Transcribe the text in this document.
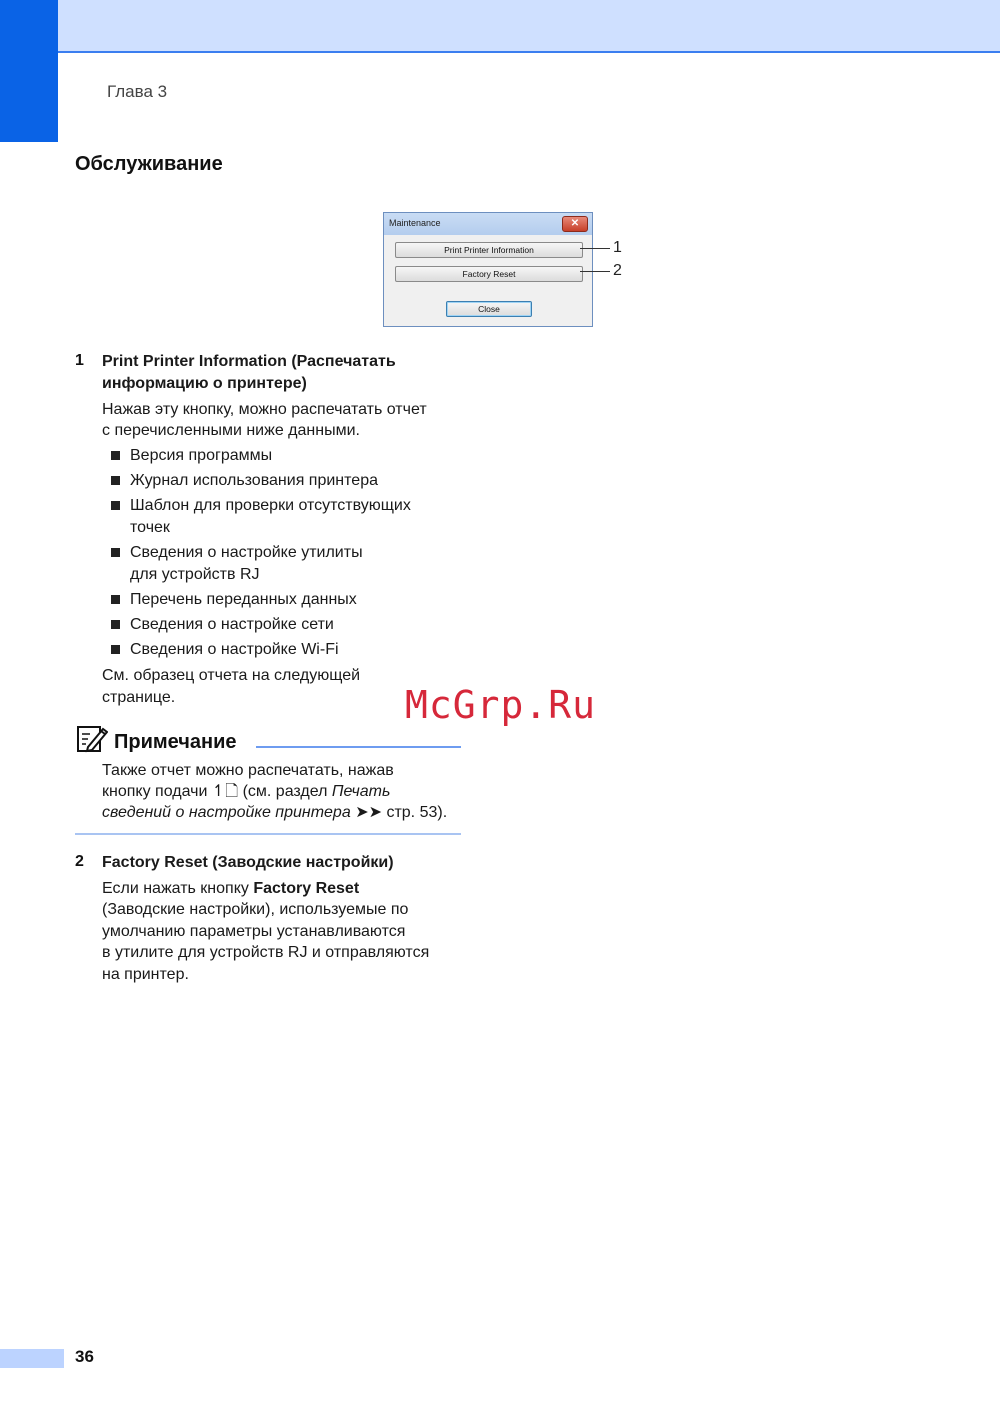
Глава 3
Обслуживание
Maintenance	✕
Print Printer Information
Factory Reset
Close
1
2
1 Print Printer Information (Распечатать
информацию о принтере)
Нажав эту кнопку, можно распечатать отчет
с перечисленными ниже данными.
Версия программы
Журнал использования принтера
Шаблон для проверки отсутствующих
точек
Сведения о настройке утилиты
для устройств RJ
Перечень переданных данных
Сведения о настройке сети
Сведения о настройке Wi-Fi
См. образец отчета на следующей
странице.
Примечание
Также отчет можно распечатать, нажав
кнопку подачи ↿🗋 (см. раздел Печать
сведений о настройке принтера ➤➤ стр. 53).
2 Factory Reset (Заводские настройки)
Если нажать кнопку Factory Reset
(Заводские настройки), используемые по
умолчанию параметры устанавливаются
в утилите для устройств RJ и отправляются
на принтер.
McGrp.Ru
36
